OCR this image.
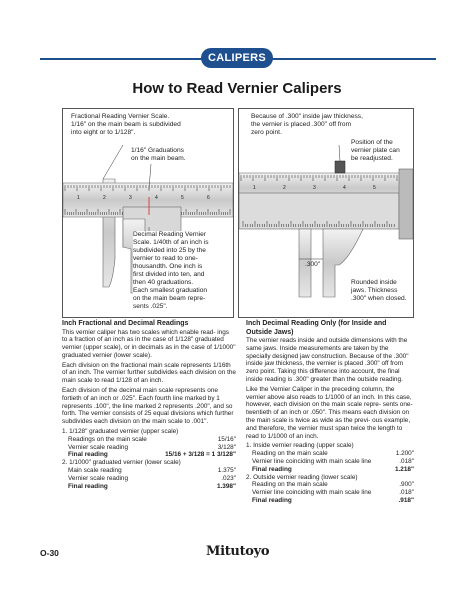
CALIPERS
How to Read Vernier Calipers
1	2	3	4	5	6
Fractional Reading Vernier Scale.
1/16" on the main beam is subdivided
into eight or to 1/128".
1/16" Graduations
on the main beam.
Decimal Reading Vernier
Scale. 1/40th of an inch is
subdivided into 25 by the
vernier to read to one-
thousandth. One inch is
first divided into ten, and
then 40 graduations.
Each smallest graduation
on the main beam repre-
sents .025".
1	2	3	4	5
Because of .300" inside jaw thickness,
the vernier is placed .300" off from
zero point.
Position of the
vernier plate can
be readjusted.
.300"
Rounded inside
jaws. Thickness
.300" when closed.
Inch Fractional and Decimal Readings

This vernier caliper has two scales which enable read- ings to a fraction of an inch as in the case of 1/128" graduated vernier (upper scale), or in decimals as in the case of 1/1000" graduated vernier (lower scale).

Each division on the fractional main scale represents 1/16th of an inch. The vernier further subdivides each division on the main scale to read 1/128 of an inch.

Each division of the decimal main scale represents one fortieth of an inch or .025". Each fourth line marked by 1 represents .100", the line marked 2 represents .200", and so forth. The vernier consists of 25 equal divisions which further subdivides each division on the main scale to .001".

1. 1/128" graduated vernier (upper scale)
Readings on the main scale	15/16"
Vernier scale reading	3/128"
Final reading	15/16 + 3/128 = 1 3/128"
2. 1/1000" graduated vernier (lower scale)
Main scale reading	1.375"
Vernier scale reading	.023"
Final reading	1.398"
Inch Decimal Reading Only (for Inside and Outside Jaws)

The vernier reads inside and outside dimensions with the same jaws. Inside measurements are taken by the specially designed jaw construction. Because of the .300" inside jaw thickness, the vernier is placed .300" off from zero point. Taking this difference into account, the final inside reading is .300" greater than the outside reading.

Like the Vernier Caliper in the preceding column, the vernier above also reads to 1/1000 of an inch. In this case, however, each division on the main scale repre- sents one-twentieth of an inch or .050". This means each division on the main scale is twice as wide as the previ- ous example, and therefore, the vernier must span twice the length to read to 1/1000 of an inch.

1. Inside vernier reading (upper scale)
Reading on the main scale	1.200"
Vernier line coinciding with main scale line	.018"
Final reading	1.218"
2. Outside vernier reading (lower scale)
Reading on the main scale	.900"
Vernier line coinciding with main scale line	.018"
Final reading	.918"
O-30	Mitutoyo
